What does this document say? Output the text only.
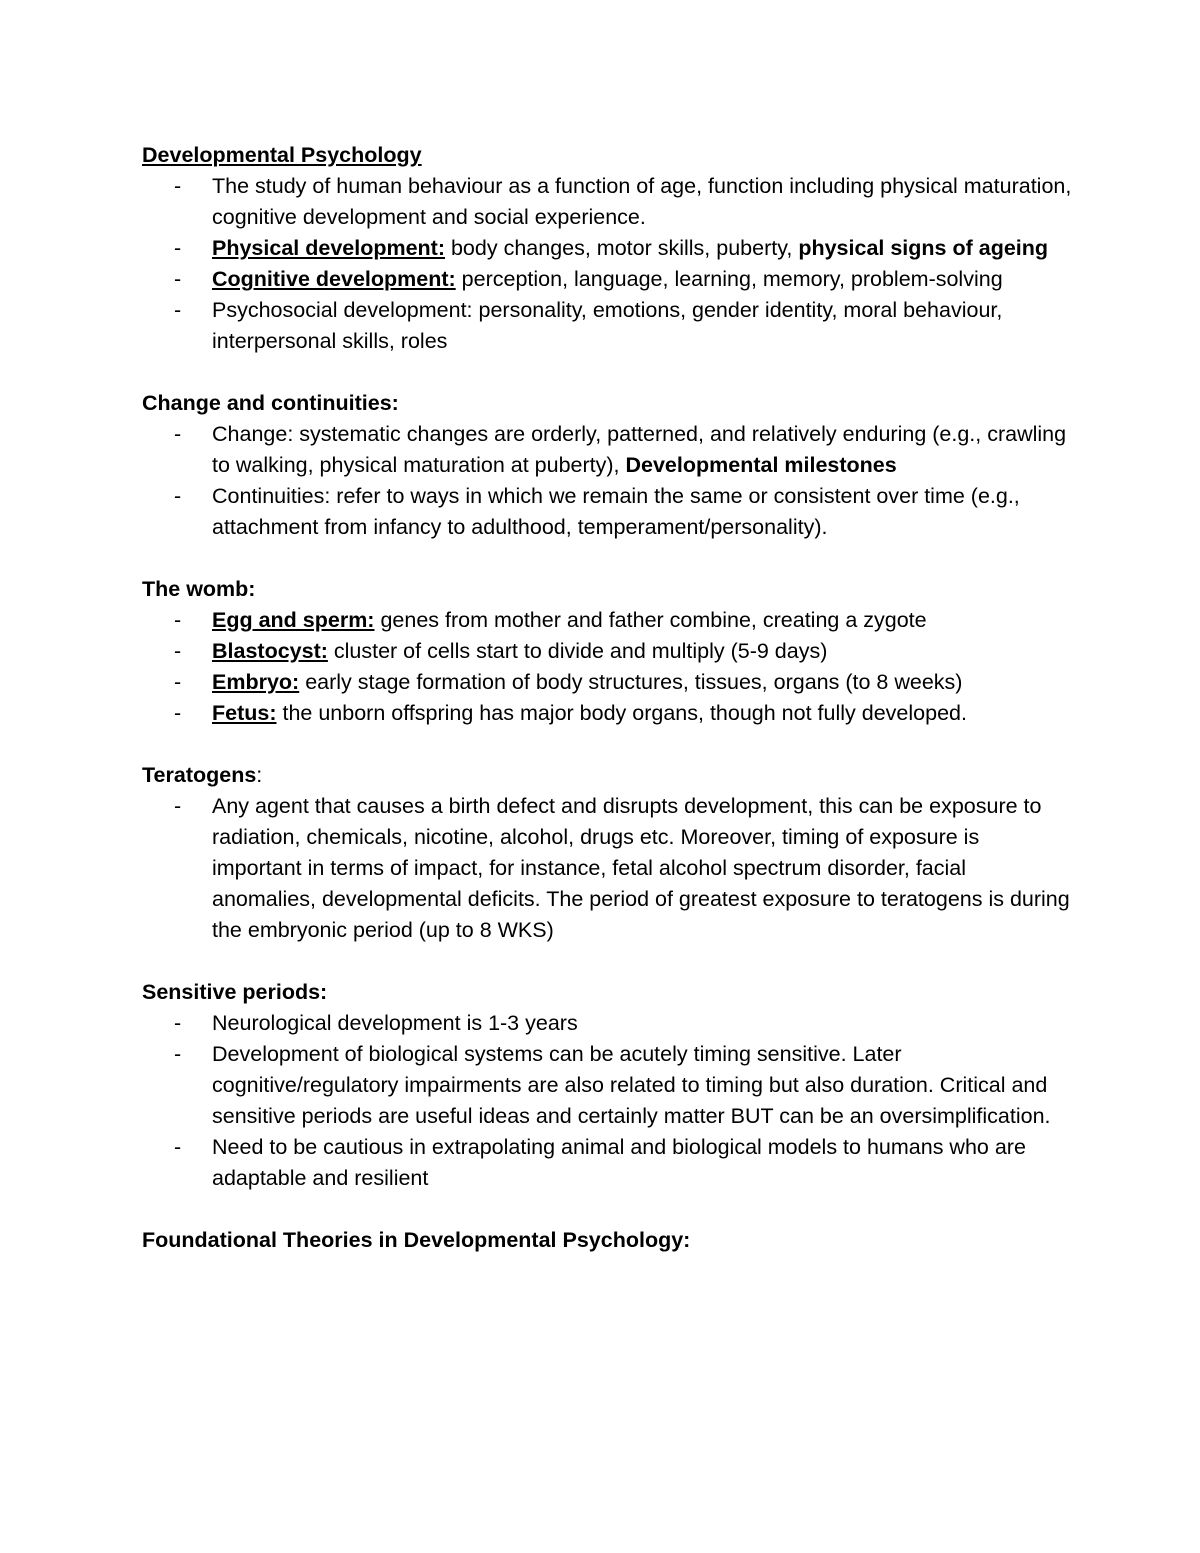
Developmental Psychology
- The study of human behaviour as a function of age, function including physical maturation, cognitive development and social experience.
- Physical development: body changes, motor skills, puberty, physical signs of ageing
- Cognitive development: perception, language, learning, memory, problem-solving
- Psychosocial development: personality, emotions, gender identity, moral behaviour, interpersonal skills, roles
Change and continuities:
- Change: systematic changes are orderly, patterned, and relatively enduring (e.g., crawling to walking, physical maturation at puberty), Developmental milestones
- Continuities: refer to ways in which we remain the same or consistent over time (e.g., attachment from infancy to adulthood, temperament/personality).
The womb:
- Egg and sperm: genes from mother and father combine, creating a zygote
- Blastocyst: cluster of cells start to divide and multiply (5-9 days)
- Embryo: early stage formation of body structures, tissues, organs (to 8 weeks)
- Fetus: the unborn offspring has major body organs, though not fully developed.
Teratogens:
- Any agent that causes a birth defect and disrupts development, this can be exposure to radiation, chemicals, nicotine, alcohol, drugs etc. Moreover, timing of exposure is important in terms of impact, for instance, fetal alcohol spectrum disorder, facial anomalies, developmental deficits. The period of greatest exposure to teratogens is during the embryonic period (up to 8 WKS)
Sensitive periods:
- Neurological development is 1-3 years
- Development of biological systems can be acutely timing sensitive. Later cognitive/regulatory impairments are also related to timing but also duration. Critical and sensitive periods are useful ideas and certainly matter BUT can be an oversimplification.
- Need to be cautious in extrapolating animal and biological models to humans who are adaptable and resilient
Foundational Theories in Developmental Psychology:
